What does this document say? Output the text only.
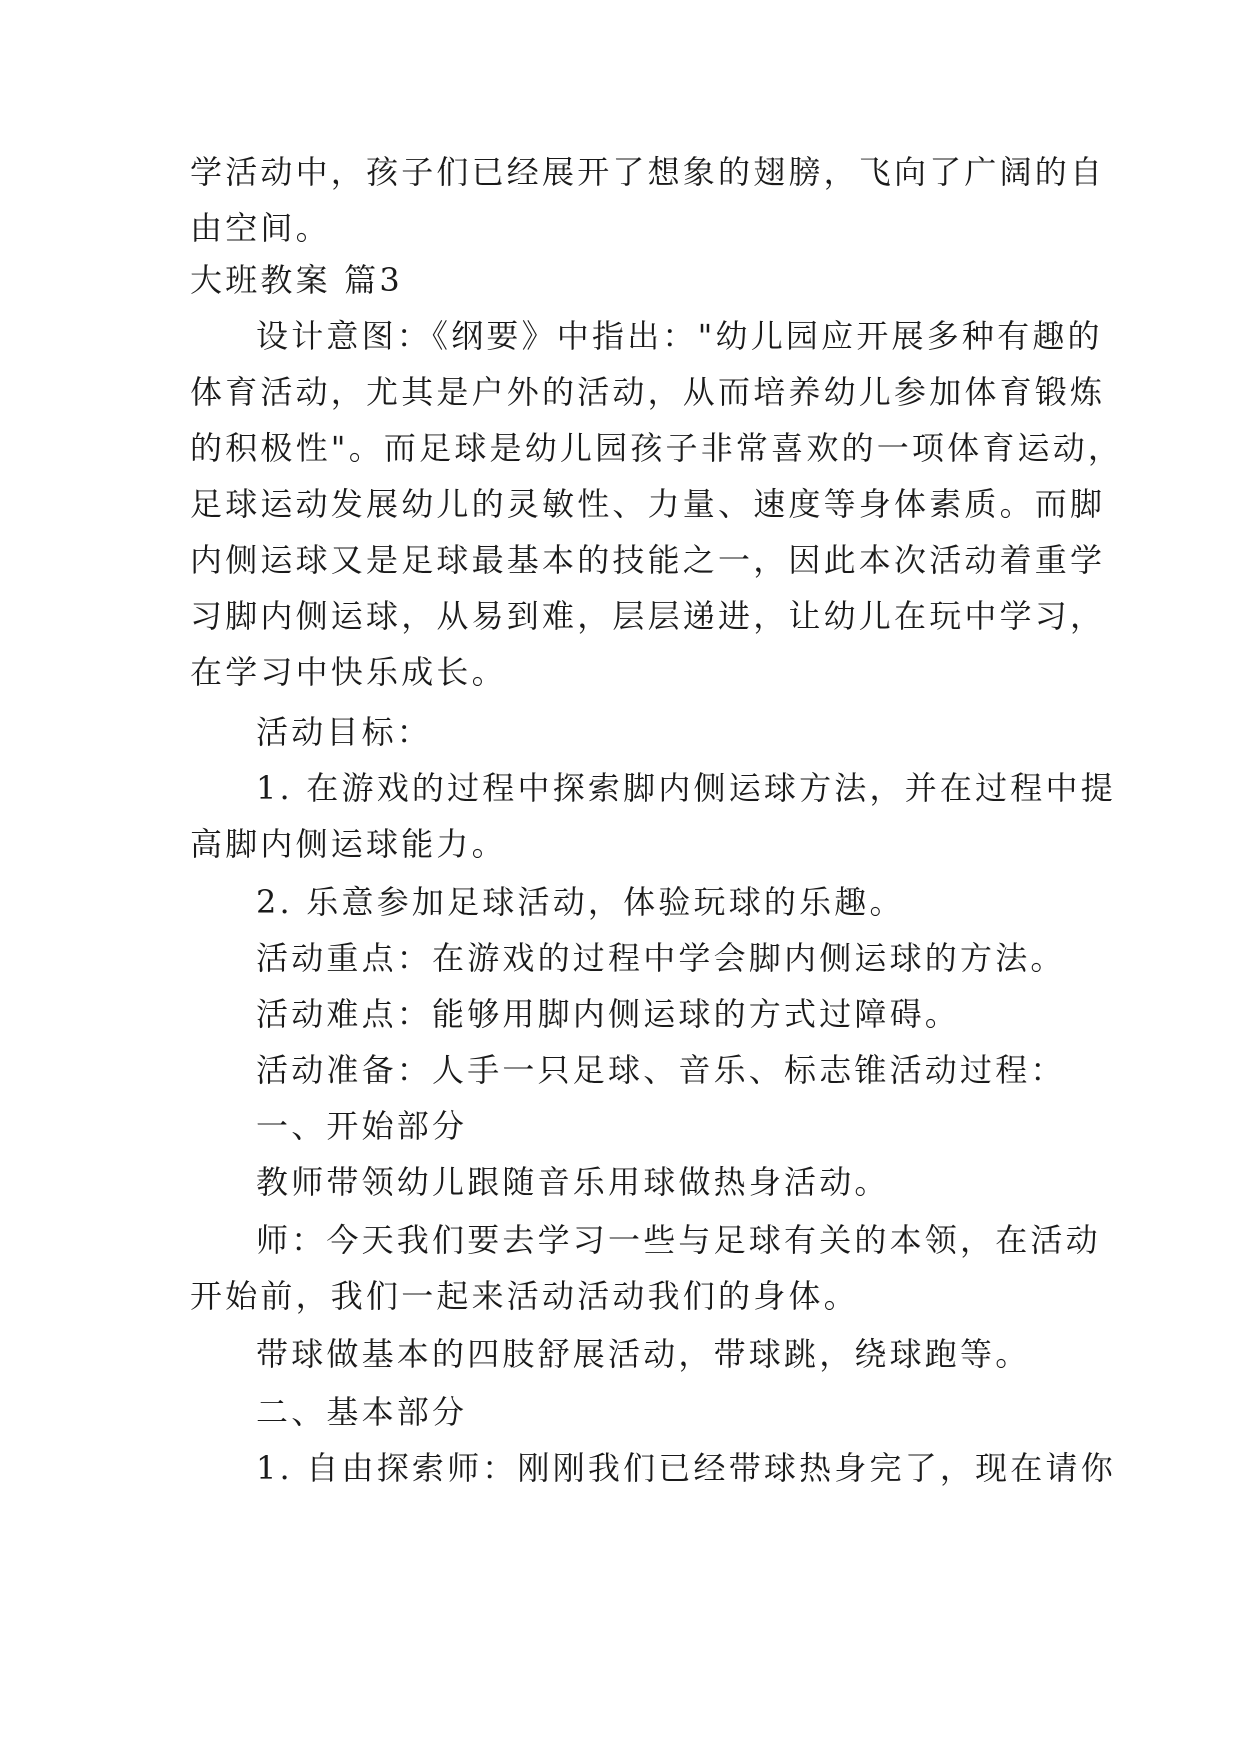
学活动中，孩子们已经展开了想象的翅膀，飞向了广阔的自
由空间。
大班教案 篇3
设计意图：《纲要》中指出："幼儿园应开展多种有趣的
体育活动，尤其是户外的活动，从而培养幼儿参加体育锻炼
的积极性"。而足球是幼儿园孩子非常喜欢的一项体育运动，
足球运动发展幼儿的灵敏性、力量、速度等身体素质。而脚
内侧运球又是足球最基本的技能之一，因此本次活动着重学
习脚内侧运球，从易到难，层层递进，让幼儿在玩中学习，
在学习中快乐成长。
活动目标：
1. 在游戏的过程中探索脚内侧运球方法，并在过程中提
高脚内侧运球能力。
2. 乐意参加足球活动，体验玩球的乐趣。
活动重点：在游戏的过程中学会脚内侧运球的方法。
活动难点：能够用脚内侧运球的方式过障碍。
活动准备：人手一只足球、音乐、标志锥活动过程：
一、开始部分
教师带领幼儿跟随音乐用球做热身活动。
师：今天我们要去学习一些与足球有关的本领，在活动
开始前，我们一起来活动活动我们的身体。
带球做基本的四肢舒展活动，带球跳，绕球跑等。
二、基本部分
1. 自由探索师：刚刚我们已经带球热身完了，现在请你
